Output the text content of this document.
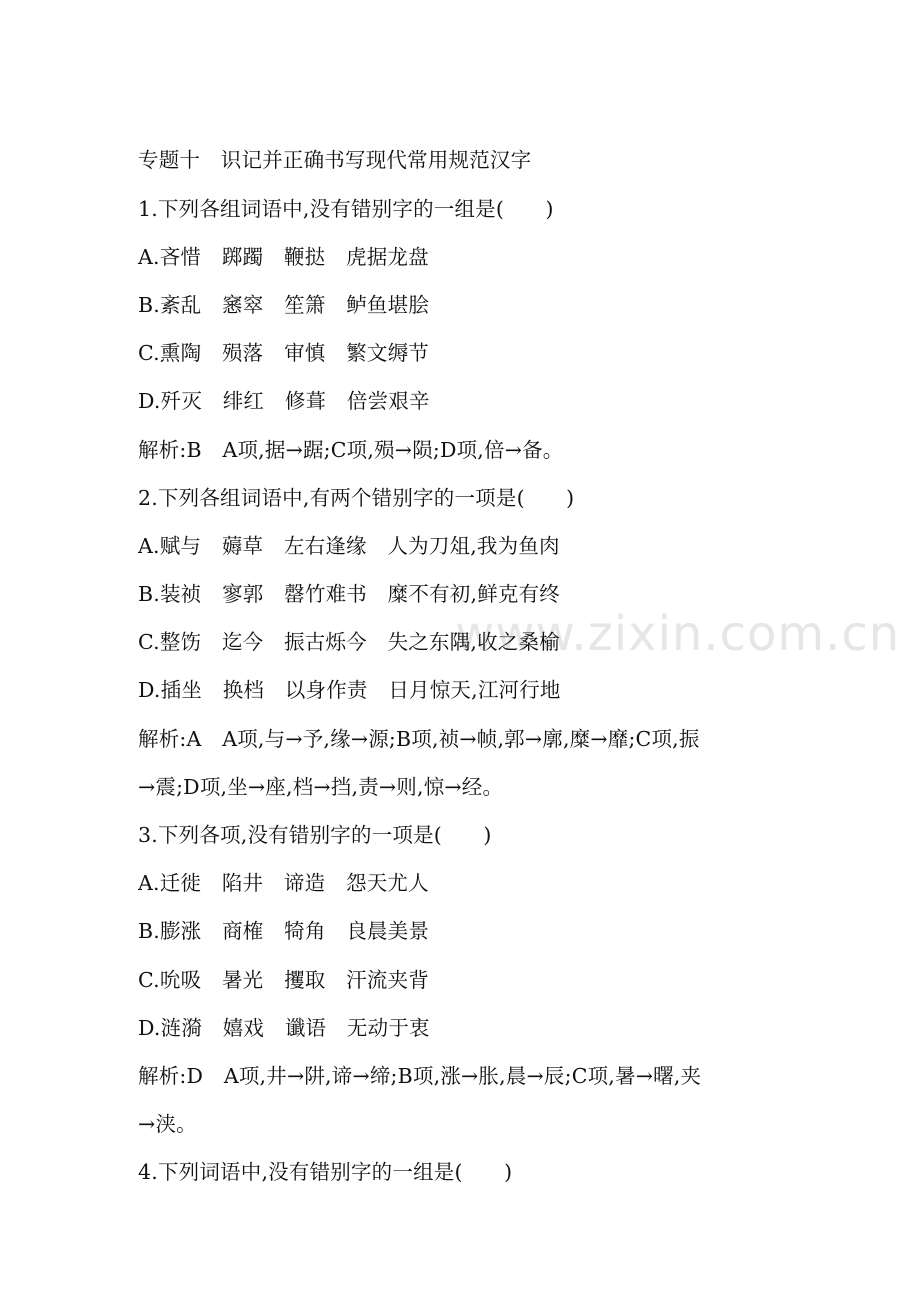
www.zixin.com.cn
专题十　识记并正确书写现代常用规范汉字
1.下列各组词语中,没有错别字的一组是(　　)
A.吝惜　踯躅　鞭挞　虎据龙盘
B.紊乱　窸窣　笙箫　鲈鱼堪脍
C.熏陶　殒落　审慎　繁文缛节
D.歼灭　绯红　修葺　倍尝艰辛
解析:B　A项,据→踞;C项,殒→陨;D项,倍→备。
2.下列各组词语中,有两个错别字的一项是(　　)
A.赋与　薅草　左右逢缘　人为刀俎,我为鱼肉
B.装祯　寥郭　罄竹难书　糜不有初,鲜克有终
C.整饬　迄今　振古烁今　失之东隅,收之桑榆
D.插坐　换档　以身作责　日月惊天,江河行地
解析:A　A项,与→予,缘→源;B项,祯→帧,郭→廓,糜→靡;C项,振
→震;D项,坐→座,档→挡,责→则,惊→经。
3.下列各项,没有错别字的一项是(　　)
A.迁徙　陷井　谛造　怨天尤人
B.膨涨　商榷　犄角　良晨美景
C.吮吸　暑光　攫取　汗流夹背
D.涟漪　嬉戏　谶语　无动于衷
解析:D　A项,井→阱,谛→缔;B项,涨→胀,晨→辰;C项,暑→曙,夹
→浃。
4.下列词语中,没有错别字的一组是(　　)
